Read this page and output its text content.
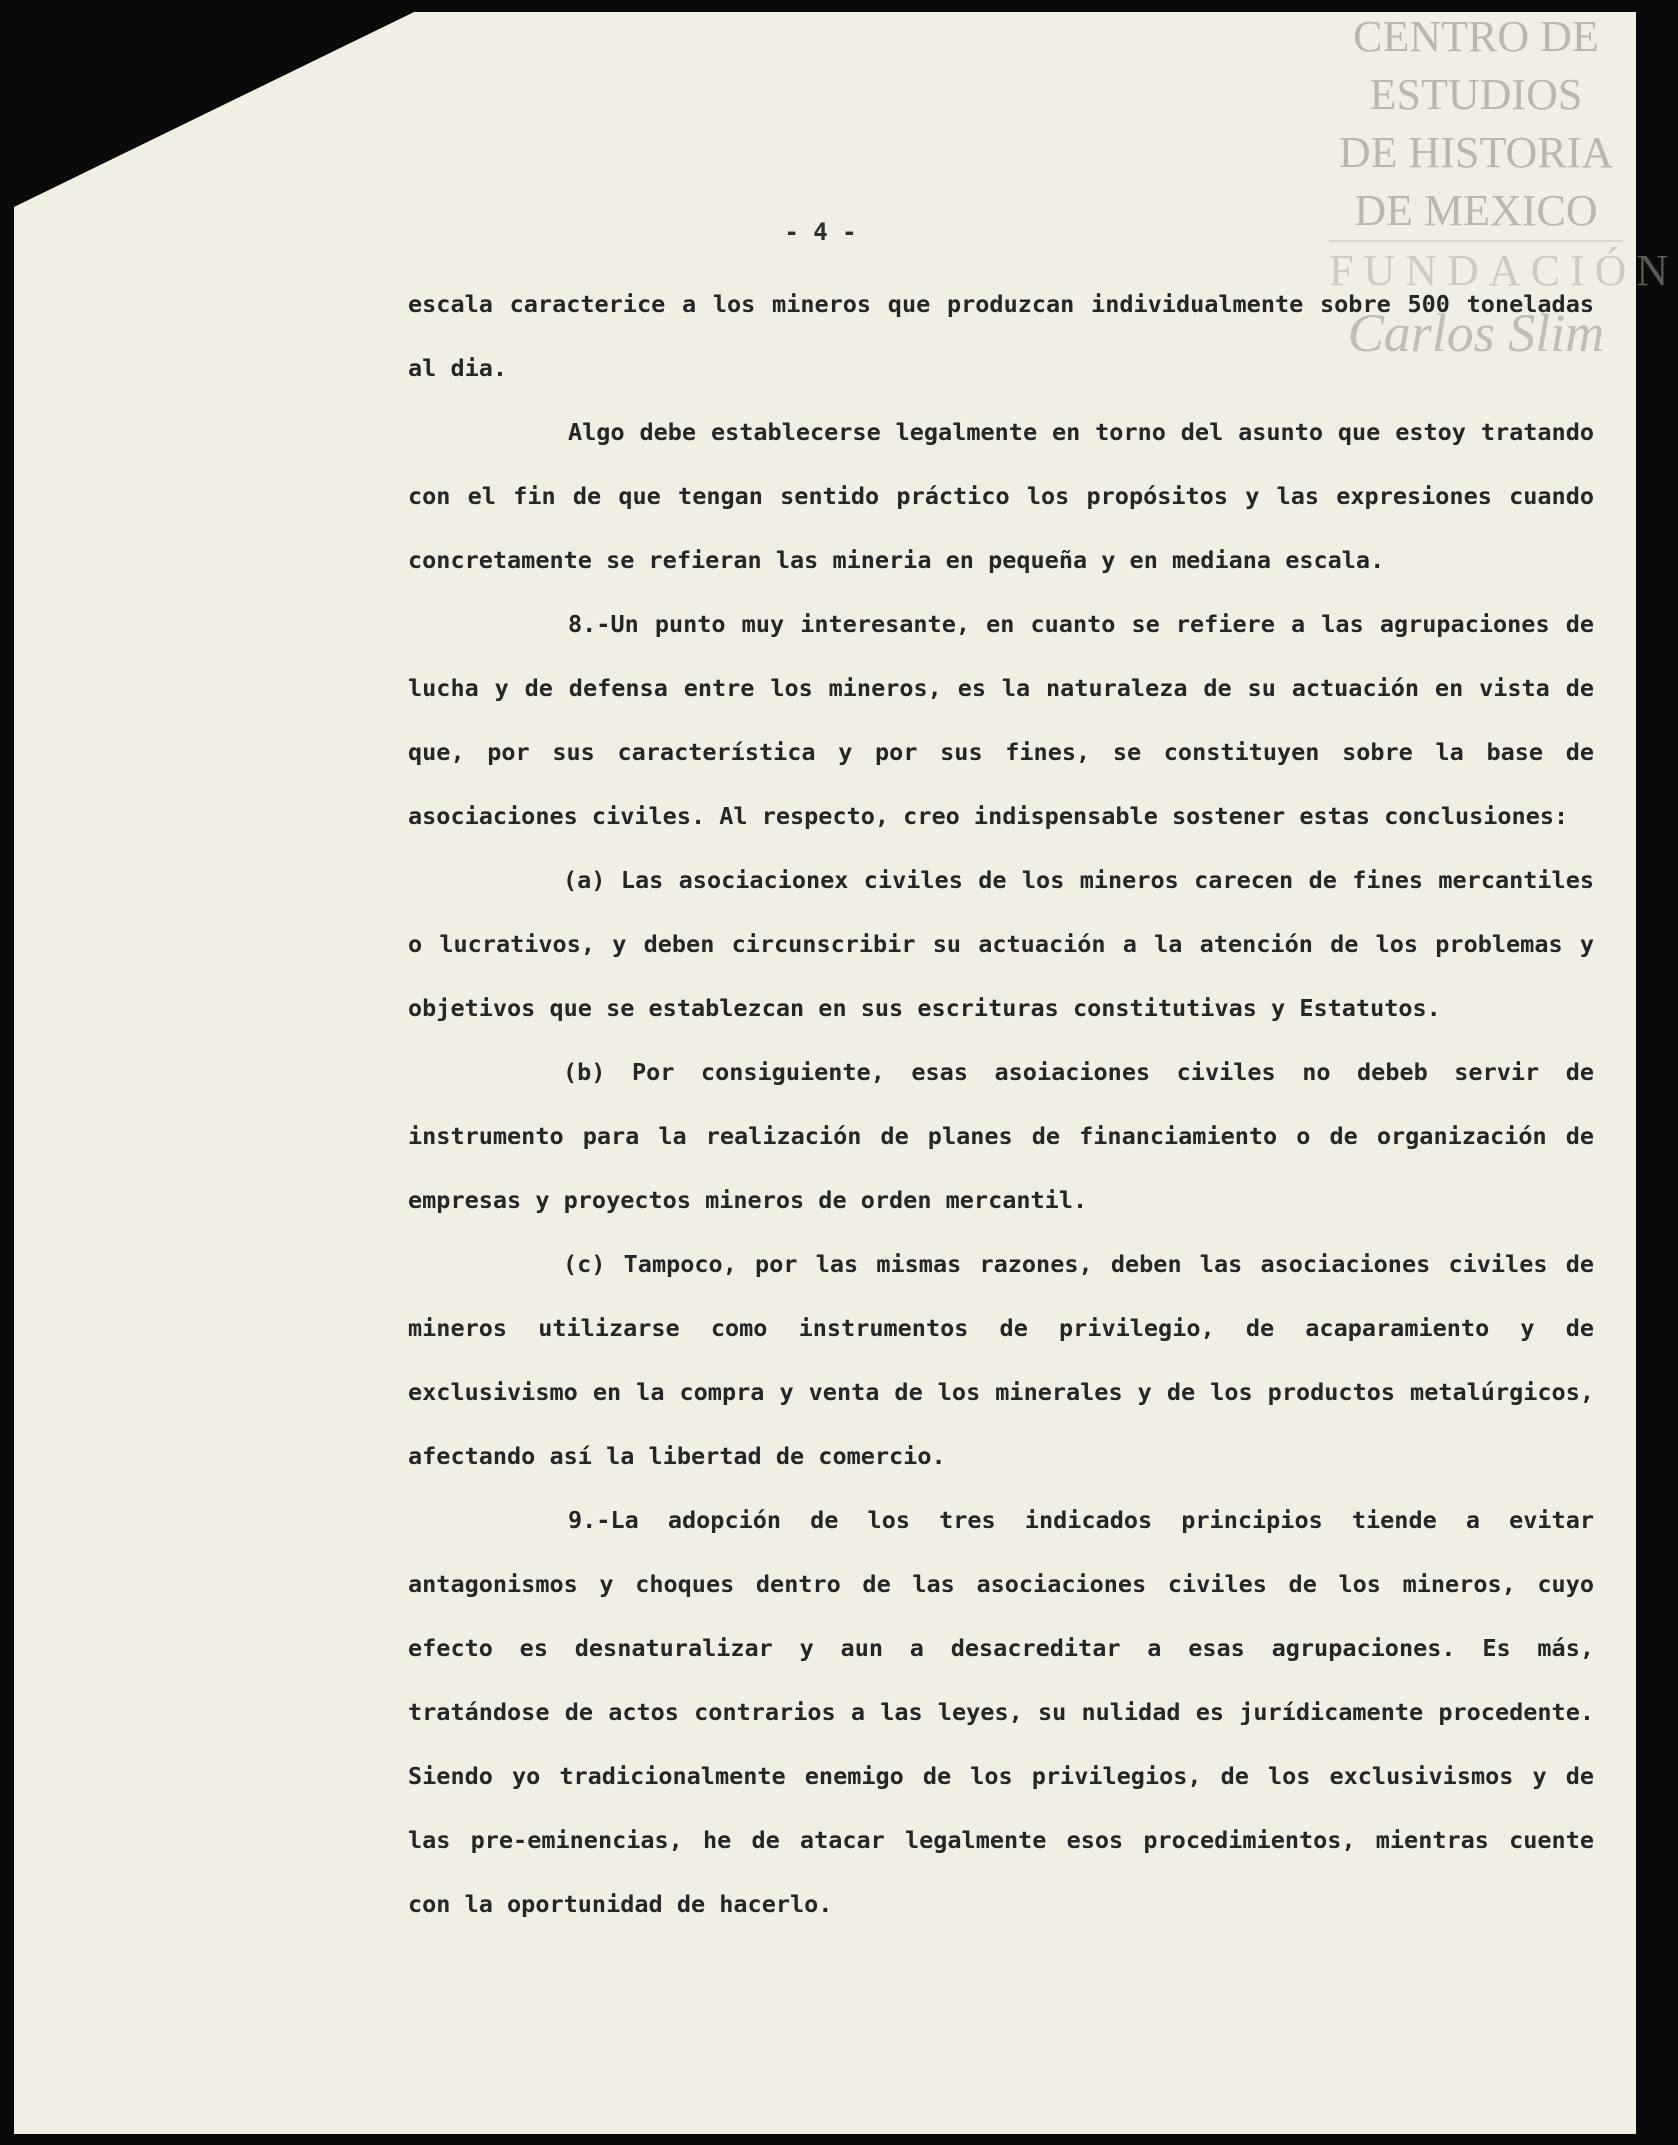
CENTRO DE
ESTUDIOS
DE HISTORIA
DE MEXICO
FUNDACIÓN
Carlos Slim
- 4 -

escala caracterice a los mineros que produzcan individualmente sobre 500 toneladas al dia.

Algo debe establecerse legalmente en torno del asunto que estoy tratando con el fin de que tengan sentido práctico los propósitos y las expresiones cuando concretamente se refieran las mineria en pequeña y en mediana escala.

8.-Un punto muy interesante, en cuanto se refiere a las agrupaciones de lucha y de defensa entre los mineros, es la naturaleza de su actuación en vista de que, por sus característica y por sus fines, se constituyen sobre la base de asociaciones civiles. Al respecto, creo indispensable sostener estas conclusiones:

(a) Las asociacionex civiles de los mineros carecen de fines mercantiles o lucrativos, y deben circunscribir su actuación a la atención de los problemas y objetivos que se establezcan en sus escrituras constitutivas y Estatutos.

(b) Por consiguiente, esas asoiaciones civiles no debeb servir de instrumento para la realización de planes de financiamiento o de organización de empresas y proyectos mineros de orden mercantil.

(c) Tampoco, por las mismas razones, deben las asociaciones civiles de mineros utilizarse como instrumentos de privilegio, de acaparamiento y de exclusivismo en la compra y venta de los minerales y de los productos metalúrgicos, afectando así la libertad de comercio.

9.-La adopción de los tres indicados principios tiende a evitar antagonismos y choques dentro de las asociaciones civiles de los mineros, cuyo efecto es desnaturalizar y aun a desacreditar a esas agrupaciones. Es más, tratándose de actos contrarios a las leyes, su nulidad es jurídicamente procedente. Siendo yo tradicionalmente enemigo de los privilegios, de los exclusivismos y de las pre-eminencias, he de atacar legalmente esos procedimientos, mientras cuente con la oportunidad de hacerlo.
